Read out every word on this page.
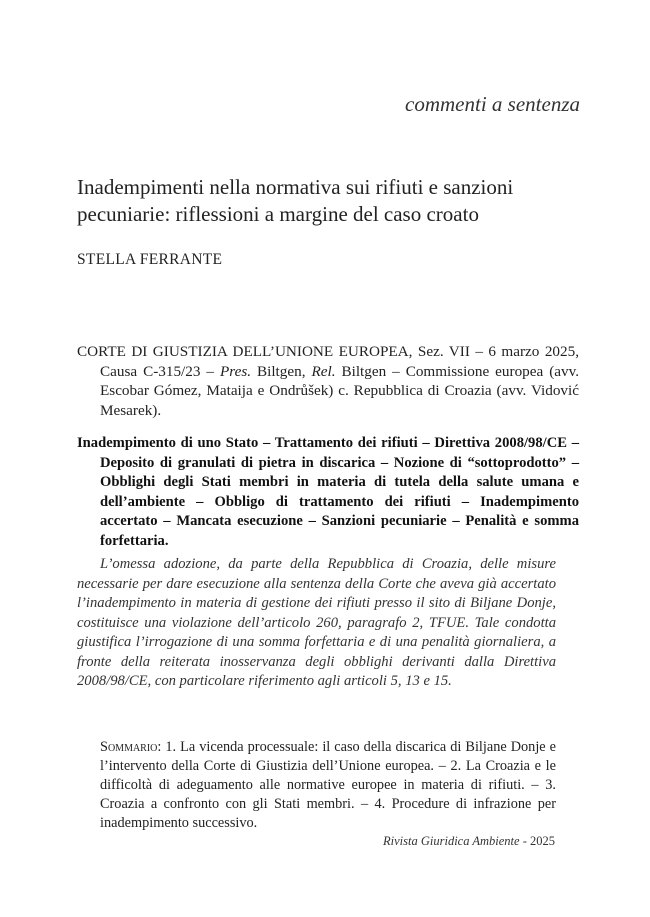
commenti a sentenza
Inadempimenti nella normativa sui rifiuti e sanzioni pecuniarie: riflessioni a margine del caso croato
STELLA FERRANTE
CORTE DI GIUSTIZIA DELL’UNIONE EUROPEA, Sez. VII – 6 marzo 2025, Causa C-315/23 – Pres. Biltgen, Rel. Biltgen – Commissione europea (avv. Escobar Gómez, Mataija e Ondrůšek) c. Repubblica di Croazia (avv. Vidović Mesarek).
Inadempimento di uno Stato – Trattamento dei rifiuti – Direttiva 2008/98/CE – Deposito di granulati di pietra in discarica – Nozione di “sottoprodotto” – Obblighi degli Stati membri in materia di tutela della salute umana e dell’ambiente – Obbligo di trattamento dei rifiuti – Inadempimento accertato – Mancata esecuzione – Sanzioni pecuniarie – Penalità e somma forfettaria.
L’omessa adozione, da parte della Repubblica di Croazia, delle misure necessarie per dare esecuzione alla sentenza della Corte che aveva già accertato l’inadempimento in materia di gestione dei rifiuti presso il sito di Biljane Donje, costituisce una violazione dell’articolo 260, paragrafo 2, TFUE. Tale condotta giustifica l’irrogazione di una somma forfettaria e di una penalità giornaliera, a fronte della reiterata inosservanza degli obblighi derivanti dalla Direttiva 2008/98/CE, con particolare riferimento agli articoli 5, 13 e 15.
Sommario: 1. La vicenda processuale: il caso della discarica di Biljane Donje e l’intervento della Corte di Giustizia dell’Unione europea. – 2. La Croazia e le difficoltà di adeguamento alle normative europee in materia di rifiuti. – 3. Croazia a confronto con gli Stati membri. – 4. Procedure di infrazione per inadempimento successivo.
Rivista Giuridica Ambiente - 2025
